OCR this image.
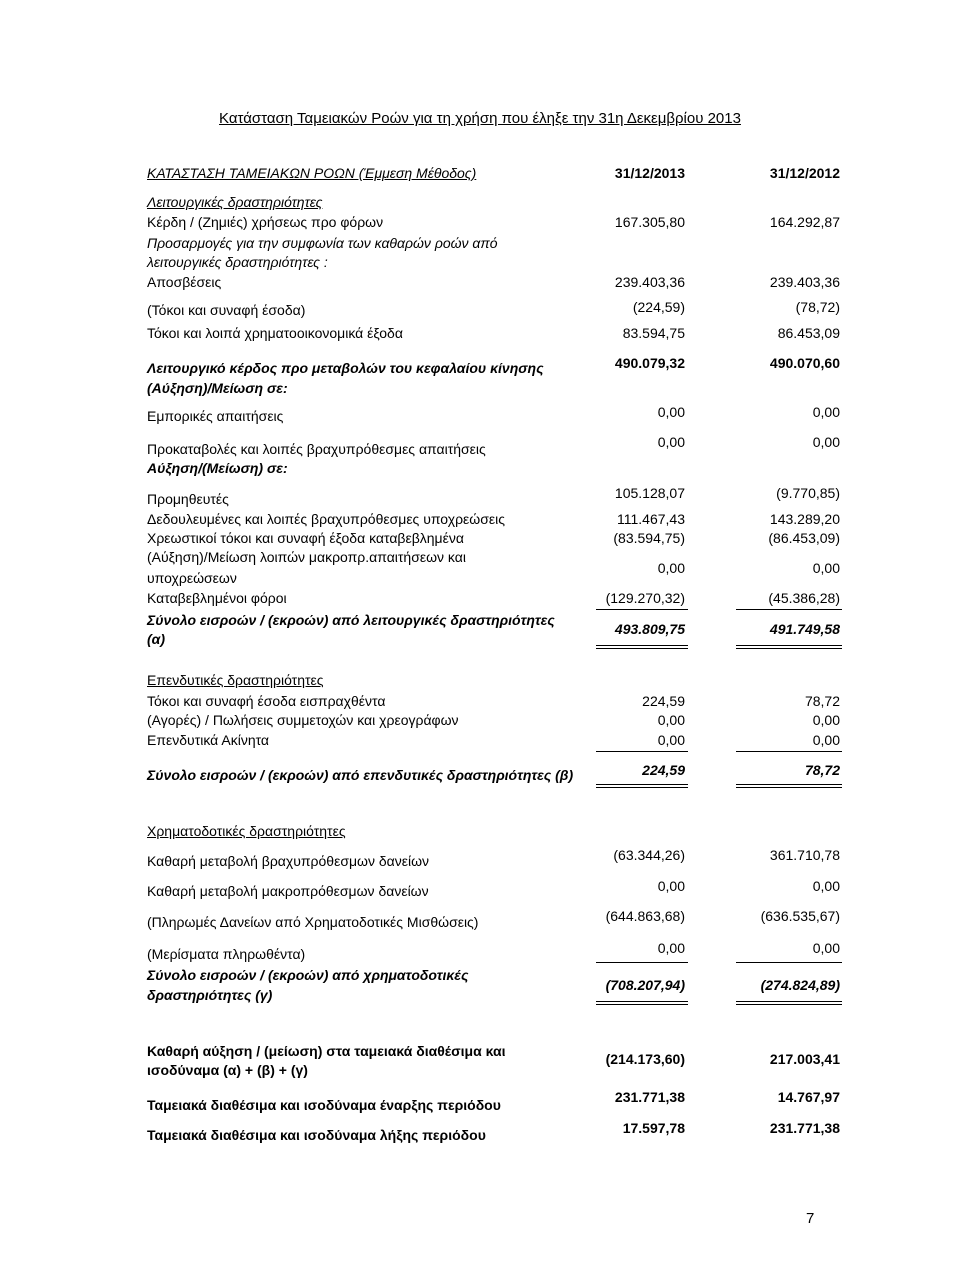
Κατάσταση Ταμειακών Ροών για τη χρήση που έληξε την 31η Δεκεμβρίου 2013
ΚΑΤΑΣΤΑΣΗ ΤΑΜΕΙΑΚΩΝ ΡΟΩΝ (Έμμεση Μέθοδος)	31/12/2013	31/12/2012
Λειτουργικές δραστηριότητες
Κέρδη / (Ζημιές) χρήσεως προ φόρων	167.305,80	164.292,87
Προσαρμογές για την συμφωνία των καθαρών ροών από
λειτουργικές δραστηριότητες :
Αποσβέσεις	239.403,36	239.403,36
(Τόκοι και συναφή έσοδα)	(224,59)	(78,72)
Τόκοι και λοιπά χρηματοοικονομικά έξοδα	83.594,75	86.453,09
Λειτουργικό κέρδος προ μεταβολών του κεφαλαίου κίνησης
(Αύξηση)/Μείωση σε:
490.079,32	490.070,60
Εμπορικές απαιτήσεις	0,00	0,00
Προκαταβολές και λοιπές βραχυπρόθεσμες απαιτήσεις	0,00	0,00
Αύξηση/(Μείωση) σε:
Προμηθευτές	105.128,07	(9.770,85)
Δεδουλευμένες και λοιπές βραχυπρόθεσμες υποχρεώσεις	111.467,43	143.289,20
Χρεωστικοί τόκοι και συναφή έξοδα καταβεβλημένα	(83.594,75)	(86.453,09)
(Αύξηση)/Μείωση λοιπών μακροπρ.απαιτήσεων και
υποχρεώσεων
0,00	0,00
Καταβεβλημένοι φόροι	(129.270,32)	(45.386,28)
Σύνολο εισροών / (εκροών) από λειτουργικές δραστηριότητες
(α)
493.809,75	491.749,58
Επενδυτικές δραστηριότητες
Τόκοι και συναφή έσοδα εισπραχθέντα	224,59	78,72
(Αγορές) / Πωλήσεις συμμετοχών και χρεογράφων	0,00	0,00
Επενδυτικά Ακίνητα	0,00	0,00
Σύνολο εισροών / (εκροών) από επενδυτικές δραστηριότητες (β)	224,59	78,72
Χρηματοδοτικές δραστηριότητες
Καθαρή μεταβολή βραχυπρόθεσμων δανείων	(63.344,26)	361.710,78
Καθαρή μεταβολή μακροπρόθεσμων δανείων	0,00	0,00
(Πληρωμές Δανείων από Χρηματοδοτικές Μισθώσεις)	(644.863,68)	(636.535,67)
(Μερίσματα πληρωθέντα)	0,00	0,00
Σύνολο εισροών / (εκροών) από χρηματοδοτικές
δραστηριότητες (γ)
(708.207,94)	(274.824,89)
Καθαρή αύξηση / (μείωση) στα ταμειακά διαθέσιμα και
ισοδύναμα (α) + (β) + (γ)
(214.173,60)	217.003,41
Ταμειακά διαθέσιμα και ισοδύναμα έναρξης περιόδου	231.771,38	14.767,97
Ταμειακά διαθέσιμα και ισοδύναμα λήξης περιόδου	17.597,78	231.771,38
7
